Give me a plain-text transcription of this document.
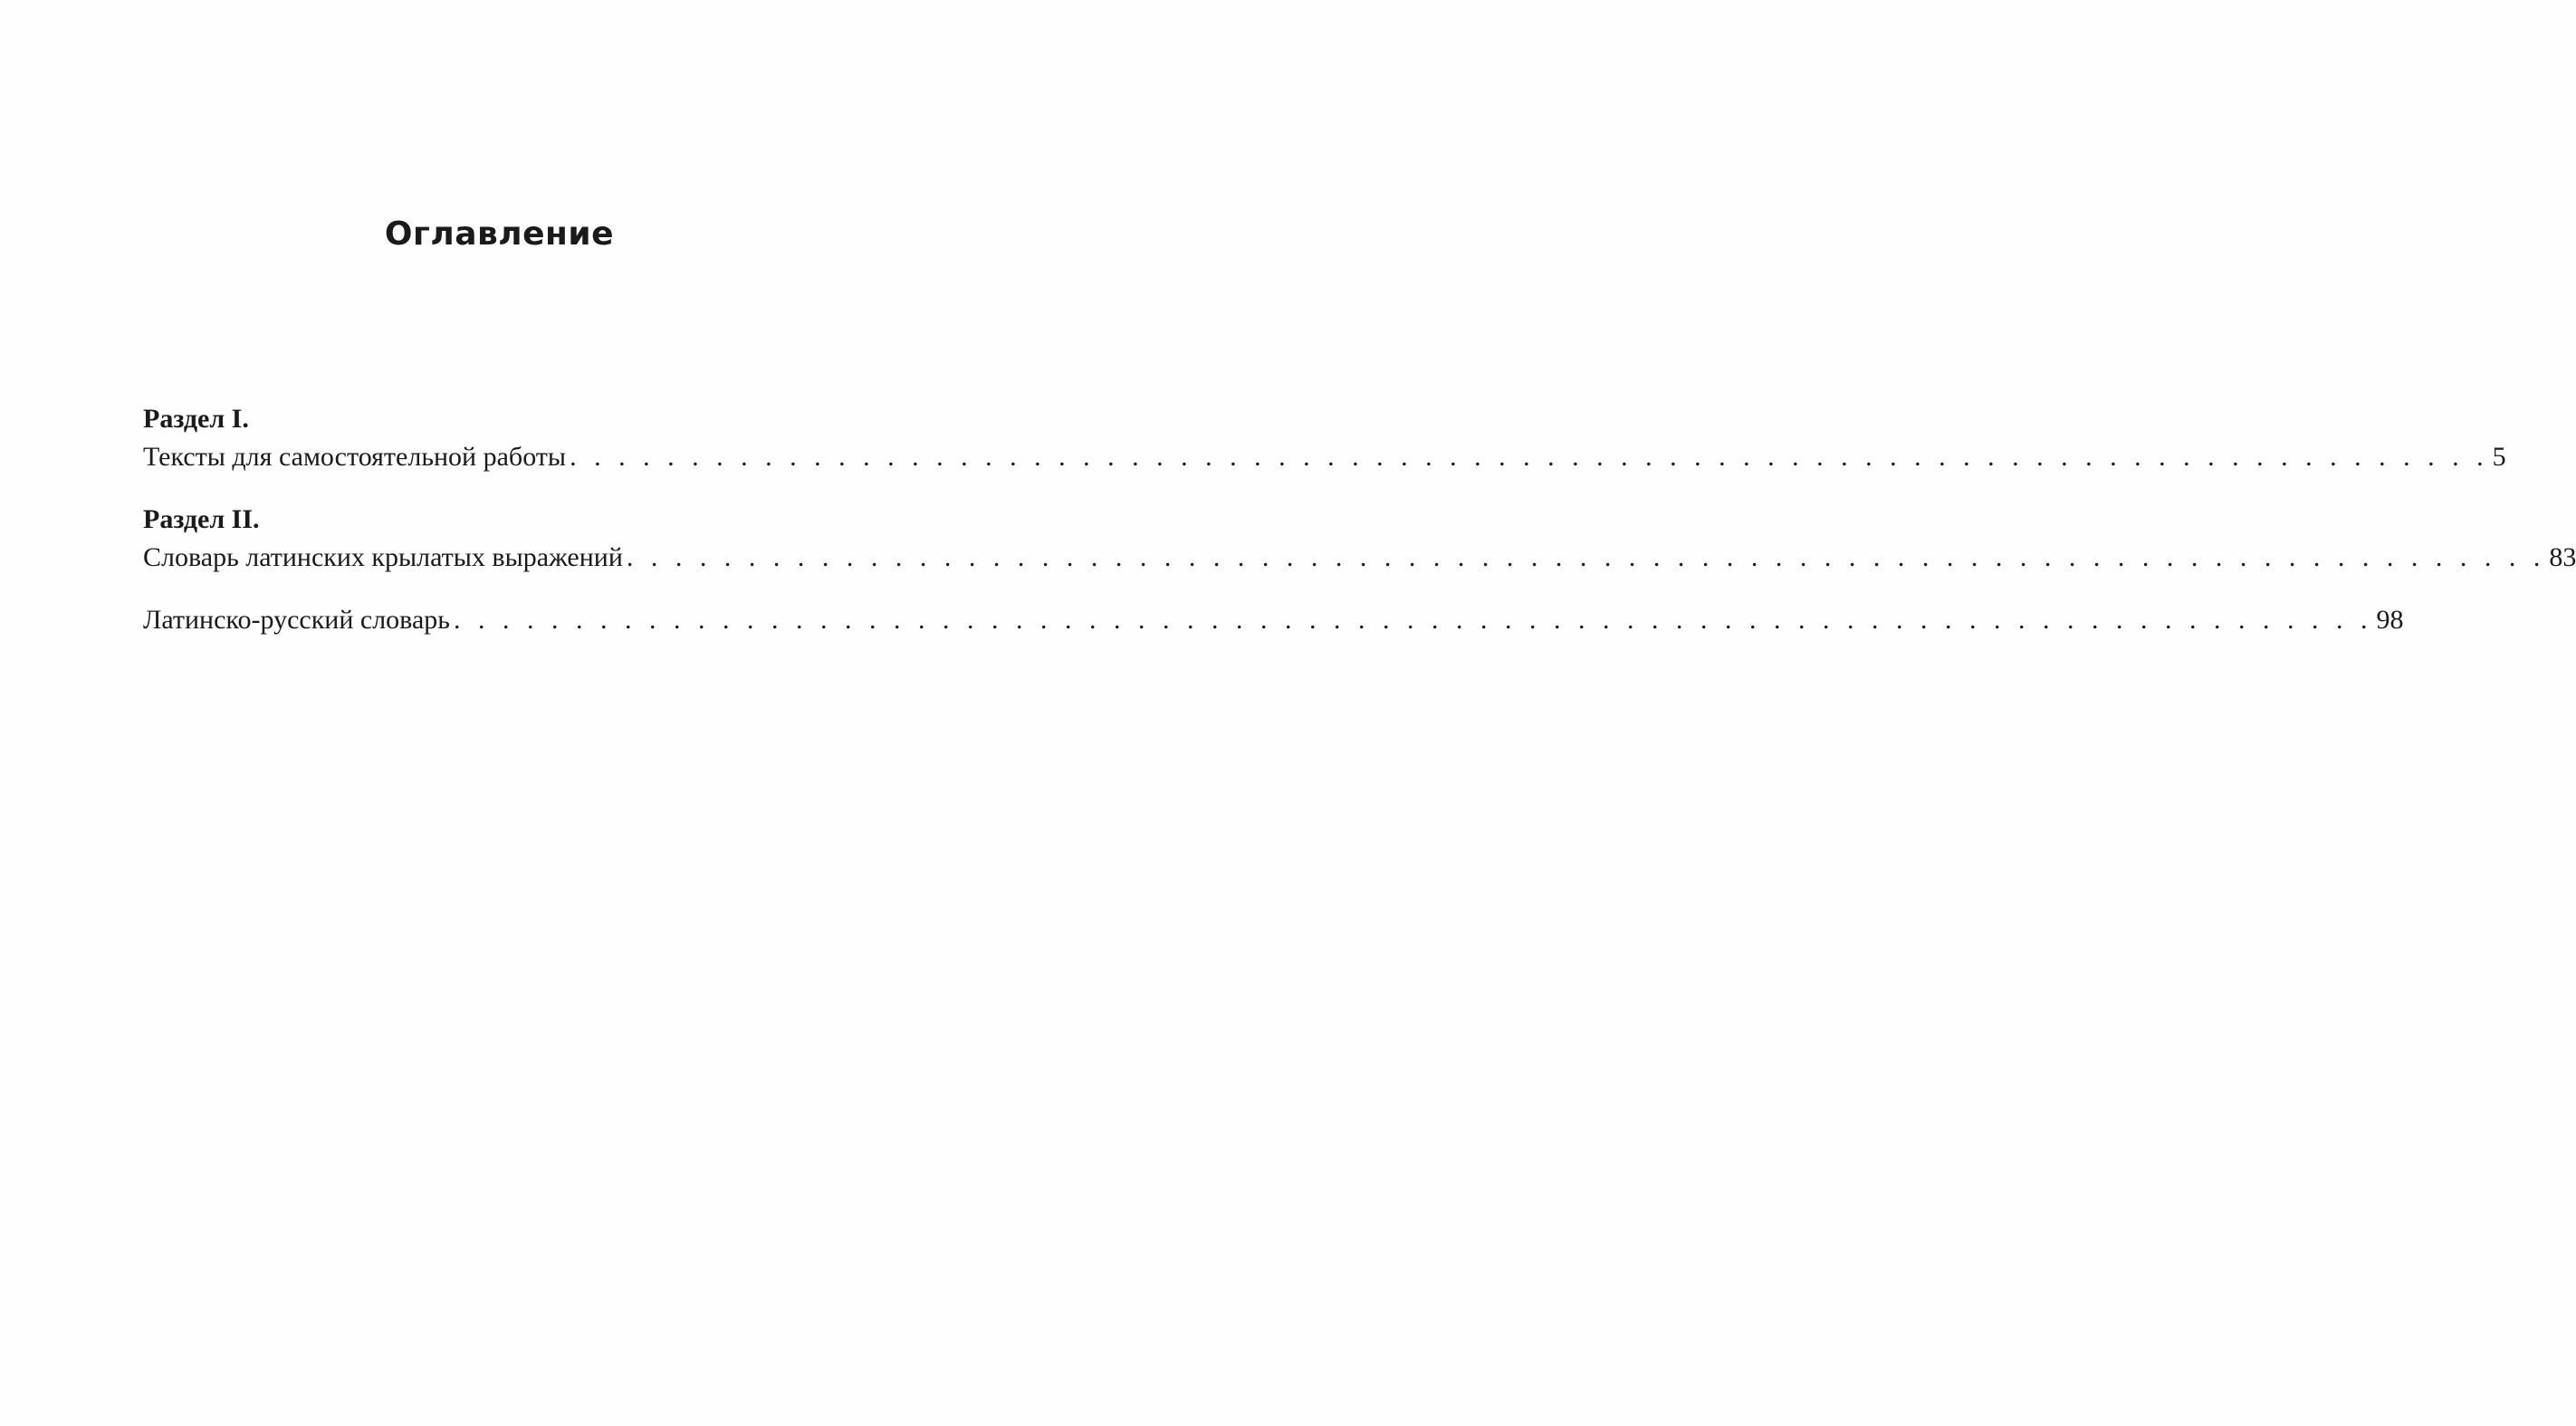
Оглавление
Раздел I.
Тексты для самостоятельной работы . . . . . . . . . . . . . . . . . . . . . . . . . . . . . . . . . . . . . . . . . . . . . . . . . . . . . . . . . . . . . . . . . . . . . . . . . . . . . . . 5
Раздел II.
Словарь латинских крылатых выражений . . . . . . . . . . . . . . . . . . . . . . . . . . . . . . . . . . . . . . . . . . . . . . . . . . . . . . . . . . . . . . . . . . . . . . . . . . . . . . . 83
Латинско-русский словарь . . . . . . . . . . . . . . . . . . . . . . . . . . . . . . . . . . . . . . . . . . . . . . . . . . . . . . . . . . . . . . . . . . . . . . . . . . . . . . . 98
